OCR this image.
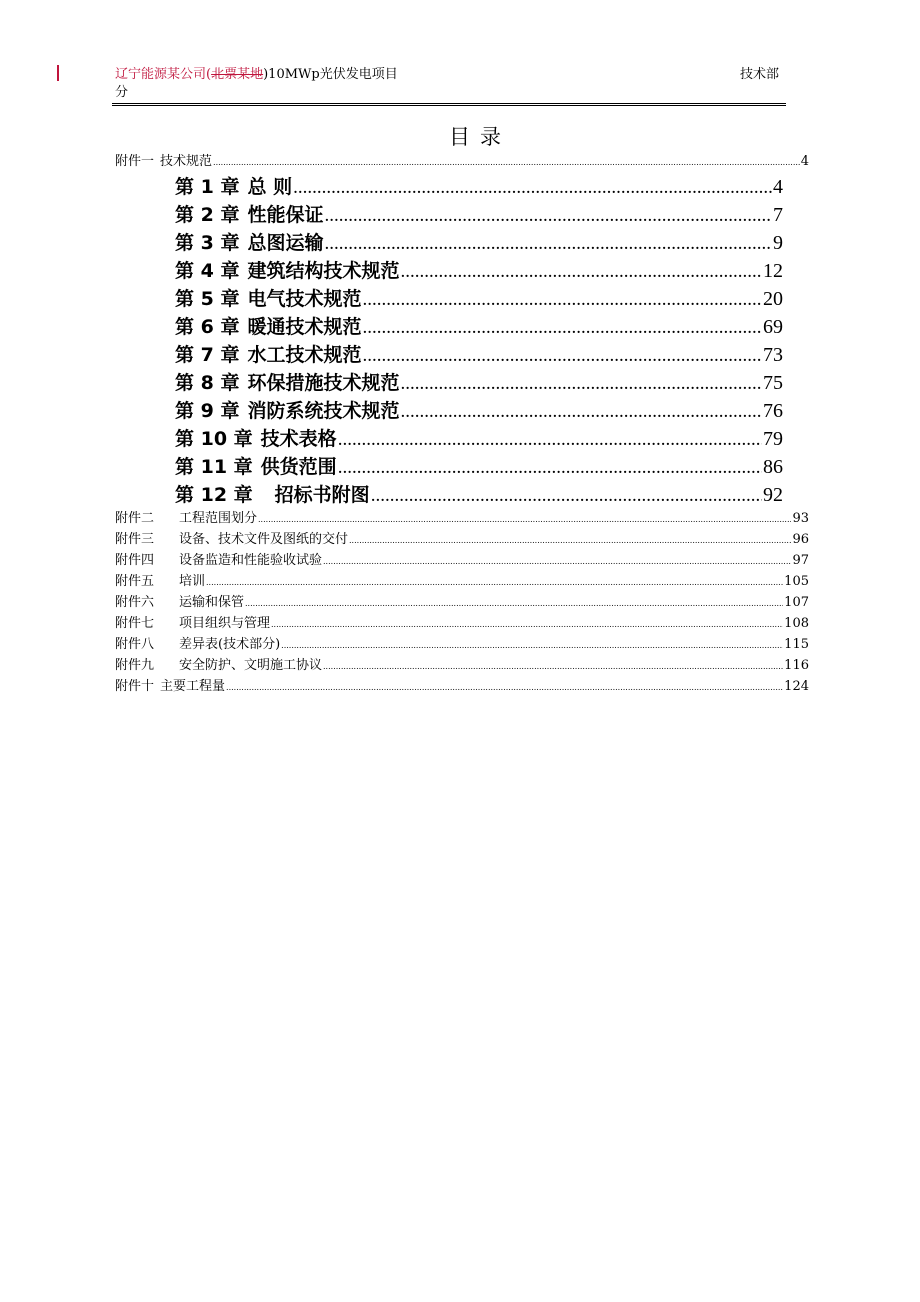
辽宁能源某公司(北票某地)10MWp光伏发电项目
分
技术部
目录
附件一 技术规范 .....	4
第 1 章 总 则 .....	4
第 2 章 性能保证 .....	7
第 3 章 总图运输 .....	9
第 4 章 建筑结构技术规范 .....	12
第 5 章 电气技术规范 .....	20
第 6 章 暖通技术规范 .....	69
第 7 章 水工技术规范 .....	73
第 8 章 环保措施技术规范 .....	75
第 9 章 消防系统技术规范 .....	76
第 10 章 技术表格 .....	79
第 11 章 供货范围 .....	86
第 12 章 招标书附图 .....	92
附件二	工程范围划分 .....	93
附件三	设备、技术文件及图纸的交付 .....	96
附件四	设备监造和性能验收试验 .....	97
附件五	培训 .....	105
附件六	运输和保管 .....	107
附件七	项目组织与管理 .....	108
附件八	差异表(技术部分) .....	115
附件九	安全防护、文明施工协议 .....	116
附件十 主要工程量 .....	124
